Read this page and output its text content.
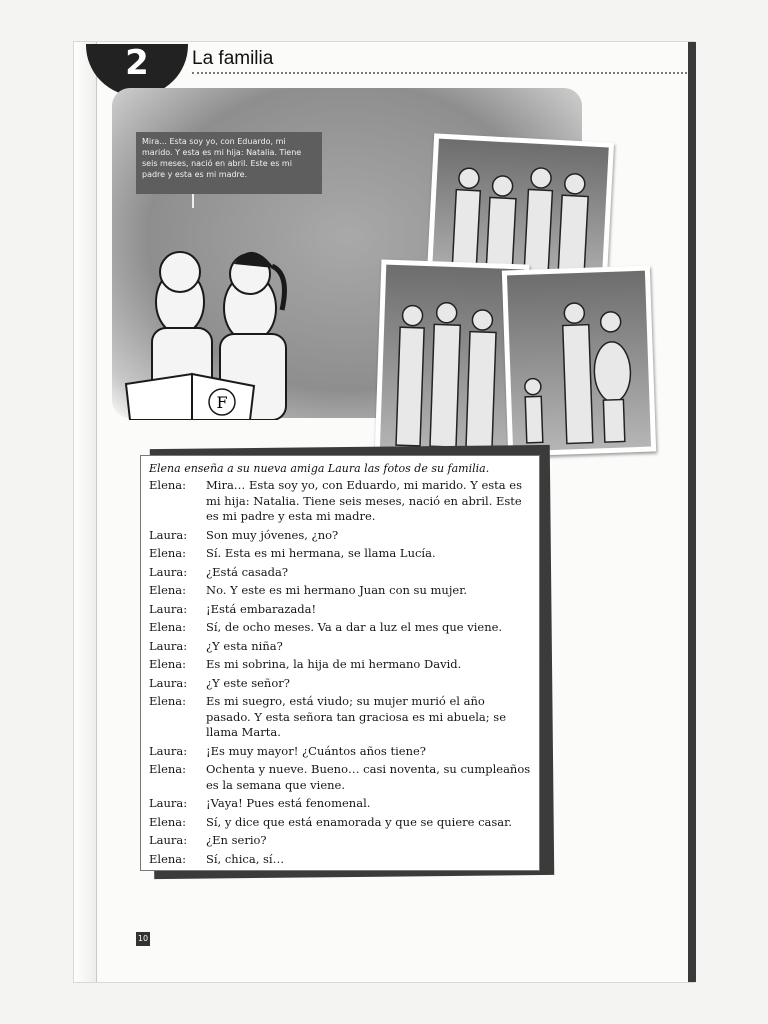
2	La familia
10
Mira... Esta soy yo, con Eduardo, mi marido. Y esta es mi hija: Natalia. Tiene seis meses, nació en abril. Este es mi padre y esta es mi madre.
F
Elena enseña a su nueva amiga Laura las fotos de su familia.
Elena:	Mira… Esta soy yo, con Eduardo, mi marido. Y esta es mi hija: Natalia. Tiene seis meses, nació en abril. Este es mi padre y esta mi madre.
Laura:	Son muy jóvenes, ¿no?
Elena:	Sí. Esta es mi hermana, se llama Lucía.
Laura:	¿Está casada?
Elena:	No. Y este es mi hermano Juan con su mujer.
Laura:	¡Está embarazada!
Elena:	Sí, de ocho meses. Va a dar a luz el mes que viene.
Laura:	¿Y esta niña?
Elena:	Es mi sobrina, la hija de mi hermano David.
Laura:	¿Y este señor?
Elena:	Es mi suegro, está viudo; su mujer murió el año pasado. Y esta señora tan graciosa es mi abuela; se llama Marta.
Laura:	¡Es muy mayor! ¿Cuántos años tiene?
Elena:	Ochenta y nueve. Bueno… casi noventa, su cumpleaños es la semana que viene.
Laura:	¡Vaya! Pues está fenomenal.
Elena:	Sí, y dice que está enamorada y que se quiere casar.
Laura:	¿En serio?
Elena:	Sí, chica, sí…
